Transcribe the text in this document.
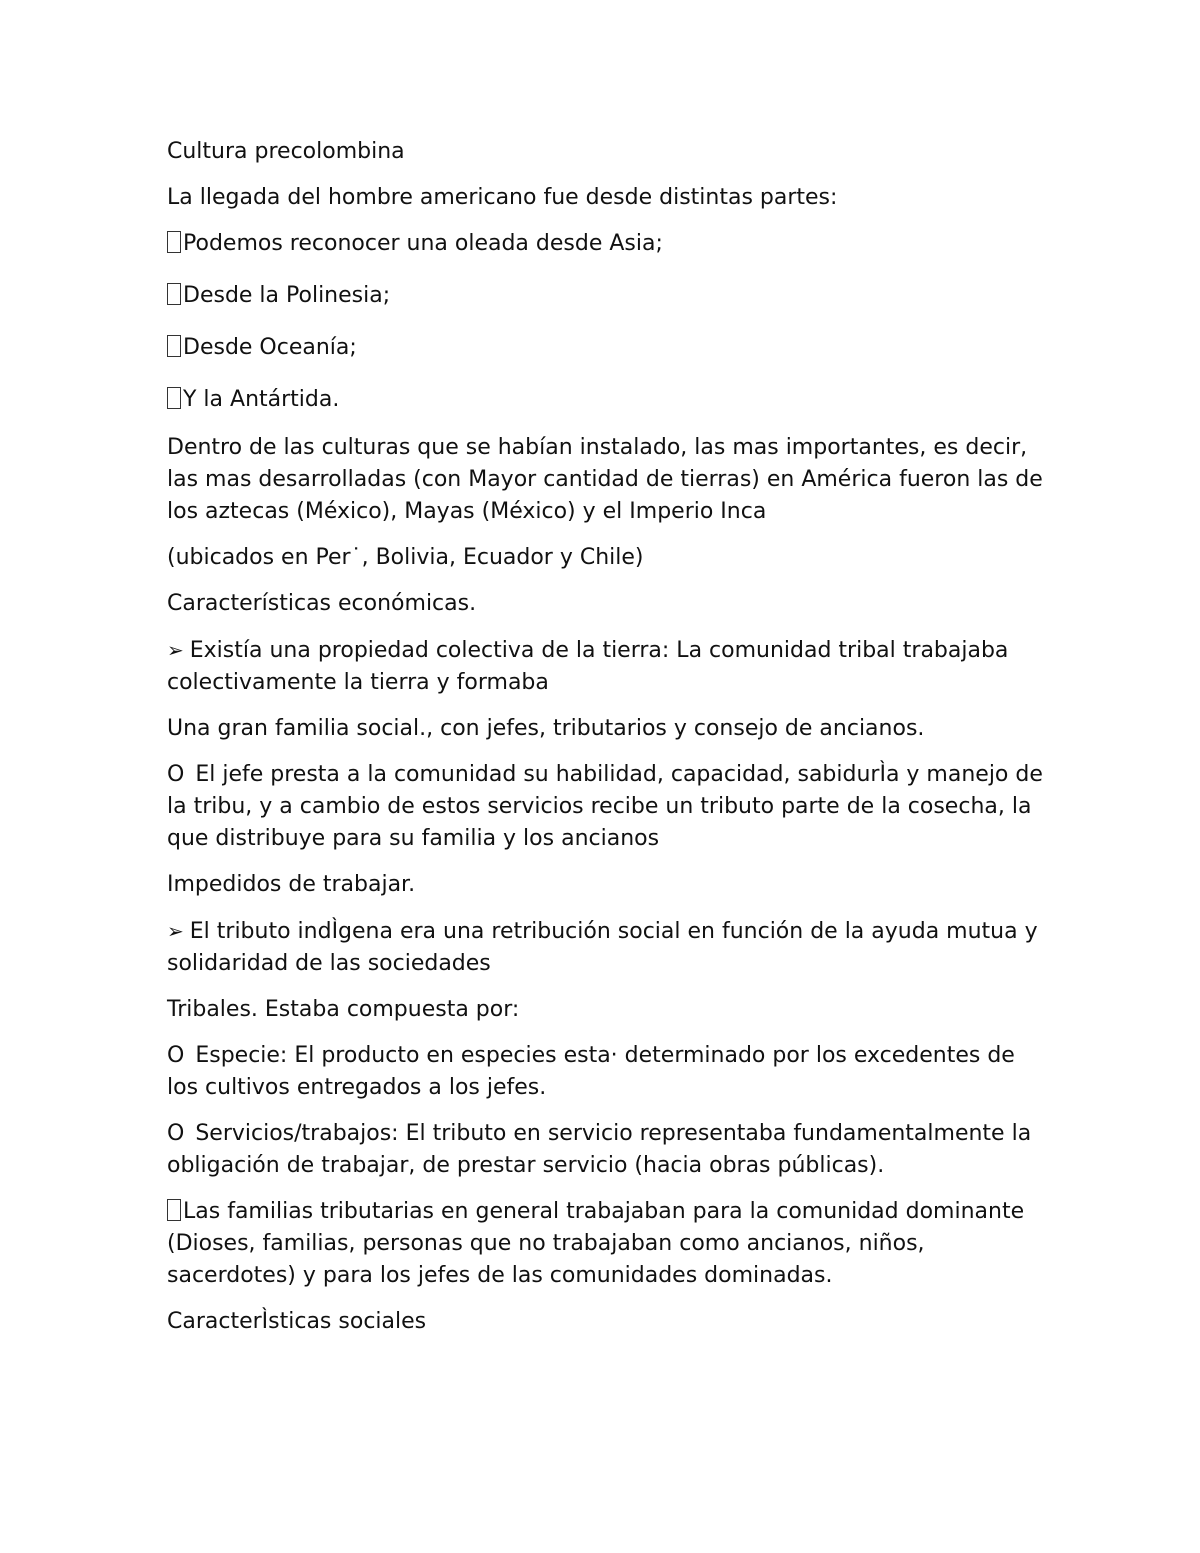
Cultura precolombina

La llegada del hombre americano fue desde distintas partes:

Podemos reconocer una oleada desde Asia;

Desde la Polinesia;

Desde Oceanía;

Y la Antártida.

Dentro de las culturas que se habían instalado, las mas importantes, es decir, las mas desarrolladas (con Mayor cantidad de tierras) en América fueron las de los aztecas (México), Mayas (México) y el Imperio Inca

(ubicados en Per˙, Bolivia, Ecuador y Chile)

Características económicas.

➢ Existía una propiedad colectiva de la tierra: La comunidad tribal trabajaba colectivamente la tierra y formaba

Una gran familia social., con jefes, tributarios y consejo de ancianos.

O El jefe presta a la comunidad su habilidad, capacidad, sabidurÌa y manejo de la tribu, y a cambio de estos servicios recibe un tributo parte de la cosecha, la que distribuye para su familia y los ancianos

Impedidos de trabajar.

➢ El tributo indÌgena era una retribución social en función de la ayuda mutua y solidaridad de las sociedades

Tribales. Estaba compuesta por:

O Especie: El producto en especies esta· determinado por los excedentes de los cultivos entregados a los jefes.

O Servicios/trabajos: El tributo en servicio representaba fundamentalmente la obligación de trabajar, de prestar servicio (hacia obras públicas).

Las familias tributarias en general trabajaban para la comunidad dominante (Dioses, familias, personas que no trabajaban como ancianos, niños, sacerdotes) y para los jefes de las comunidades dominadas.

CaracterÌsticas sociales
